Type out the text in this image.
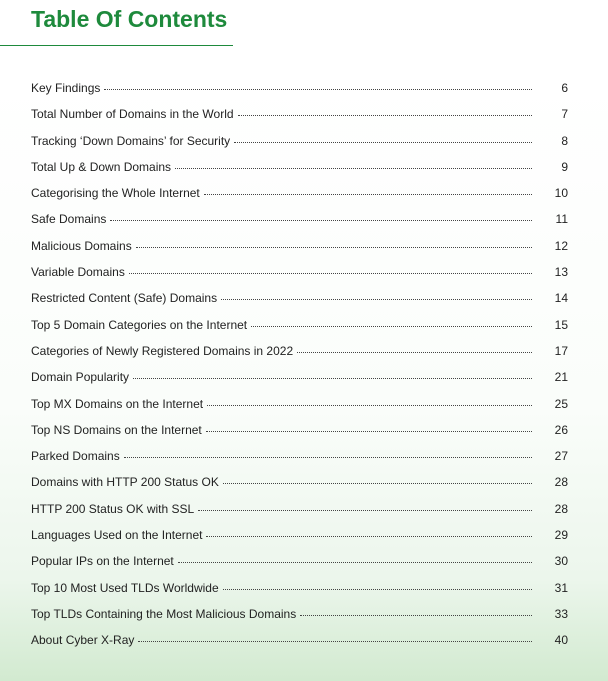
Table Of Contents
Key Findings	6
Total Number of Domains in the World	7
Tracking ‘Down Domains’ for Security	8
Total Up & Down Domains	9
Categorising the Whole Internet	10
Safe Domains	11
Malicious Domains	12
Variable Domains	13
Restricted Content (Safe) Domains	14
Top 5 Domain Categories on the Internet	15
Categories of Newly Registered Domains in 2022	17
Domain Popularity	21
Top MX Domains on the Internet	25
Top NS Domains on the Internet	26
Parked Domains	27
Domains with HTTP 200 Status OK	28
HTTP 200 Status OK with SSL	28
Languages Used on the Internet	29
Popular IPs on the Internet	30
Top 10 Most Used TLDs Worldwide	31
Top TLDs Containing the Most Malicious Domains	33
About Cyber X-Ray	40
